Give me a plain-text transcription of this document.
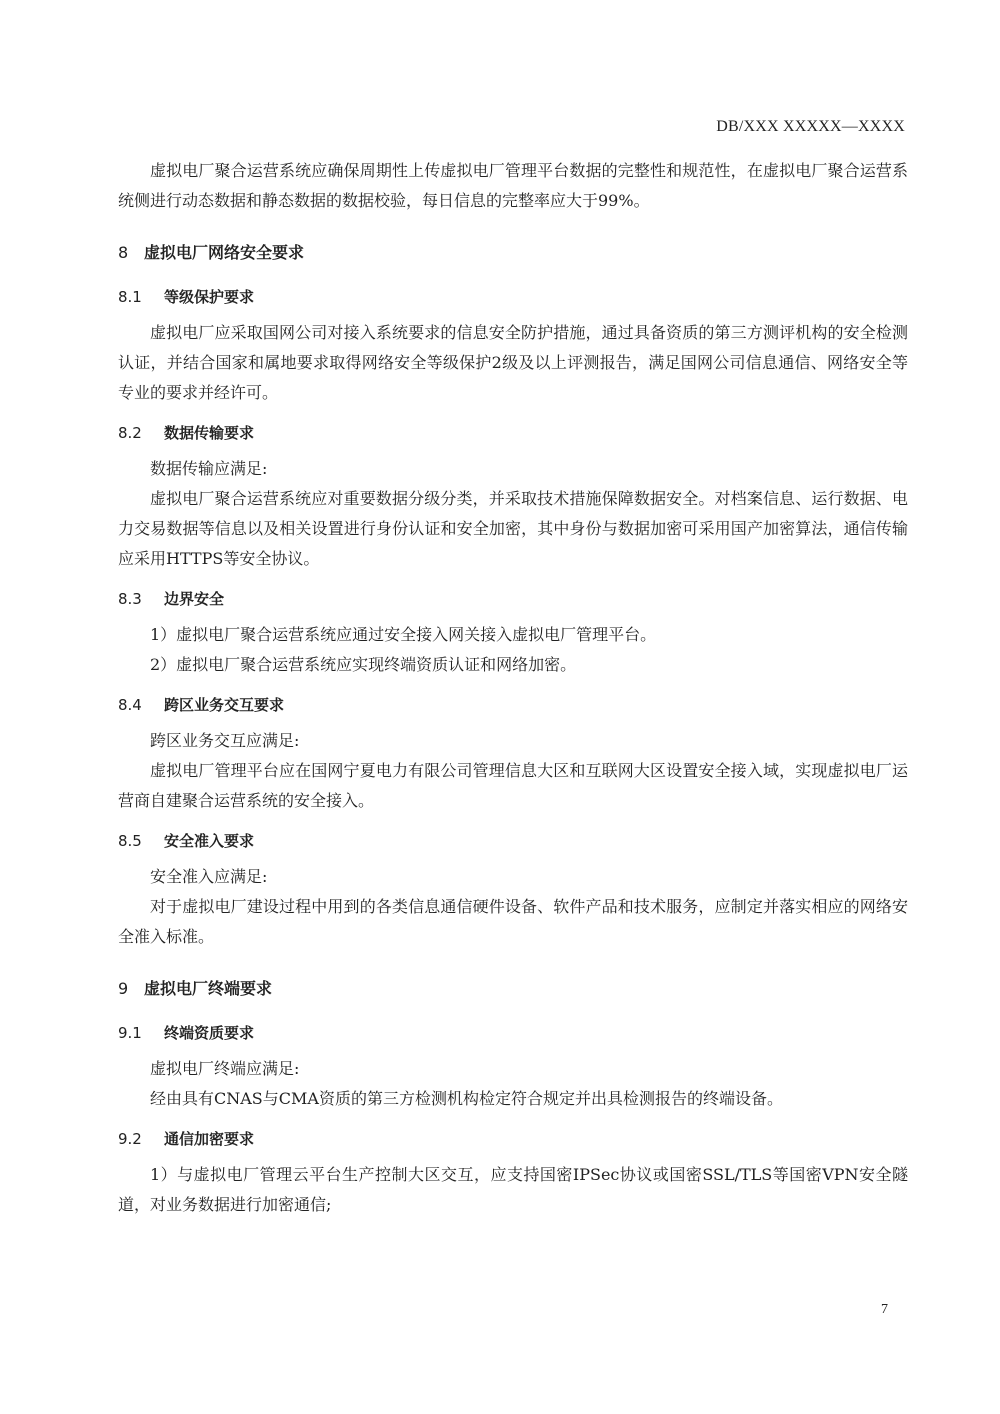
DB/XXX XXXXX—XXXX

虚拟电厂聚合运营系统应确保周期性上传虚拟电厂管理平台数据的完整性和规范性，在虚拟电厂聚合运营系统侧进行动态数据和静态数据的数据校验，每日信息的完整率应大于99%。

8 虚拟电厂网络安全要求
8.1 等级保护要求

虚拟电厂应采取国网公司对接入系统要求的信息安全防护措施，通过具备资质的第三方测评机构的安全检测认证，并结合国家和属地要求取得网络安全等级保护2级及以上评测报告，满足国网公司信息通信、网络安全等专业的要求并经许可。

8.2 数据传输要求

数据传输应满足:

虚拟电厂聚合运营系统应对重要数据分级分类，并采取技术措施保障数据安全。对档案信息、运行数据、电力交易数据等信息以及相关设置进行身份认证和安全加密，其中身份与数据加密可采用国产加密算法，通信传输应采用HTTPS等安全协议。

8.3 边界安全

1）虚拟电厂聚合运营系统应通过安全接入网关接入虚拟电厂管理平台。

2）虚拟电厂聚合运营系统应实现终端资质认证和网络加密。

8.4 跨区业务交互要求

跨区业务交互应满足:

虚拟电厂管理平台应在国网宁夏电力有限公司管理信息大区和互联网大区设置安全接入域，实现虚拟电厂运营商自建聚合运营系统的安全接入。

8.5 安全准入要求

安全准入应满足:

对于虚拟电厂建设过程中用到的各类信息通信硬件设备、软件产品和技术服务，应制定并落实相应的网络安全准入标准。

9 虚拟电厂终端要求
9.1 终端资质要求

虚拟电厂终端应满足:

经由具有CNAS与CMA资质的第三方检测机构检定符合规定并出具检测报告的终端设备。

9.2 通信加密要求

1）与虚拟电厂管理云平台生产控制大区交互，应支持国密IPSec协议或国密SSL/TLS等国密VPN安全隧道，对业务数据进行加密通信;

7
